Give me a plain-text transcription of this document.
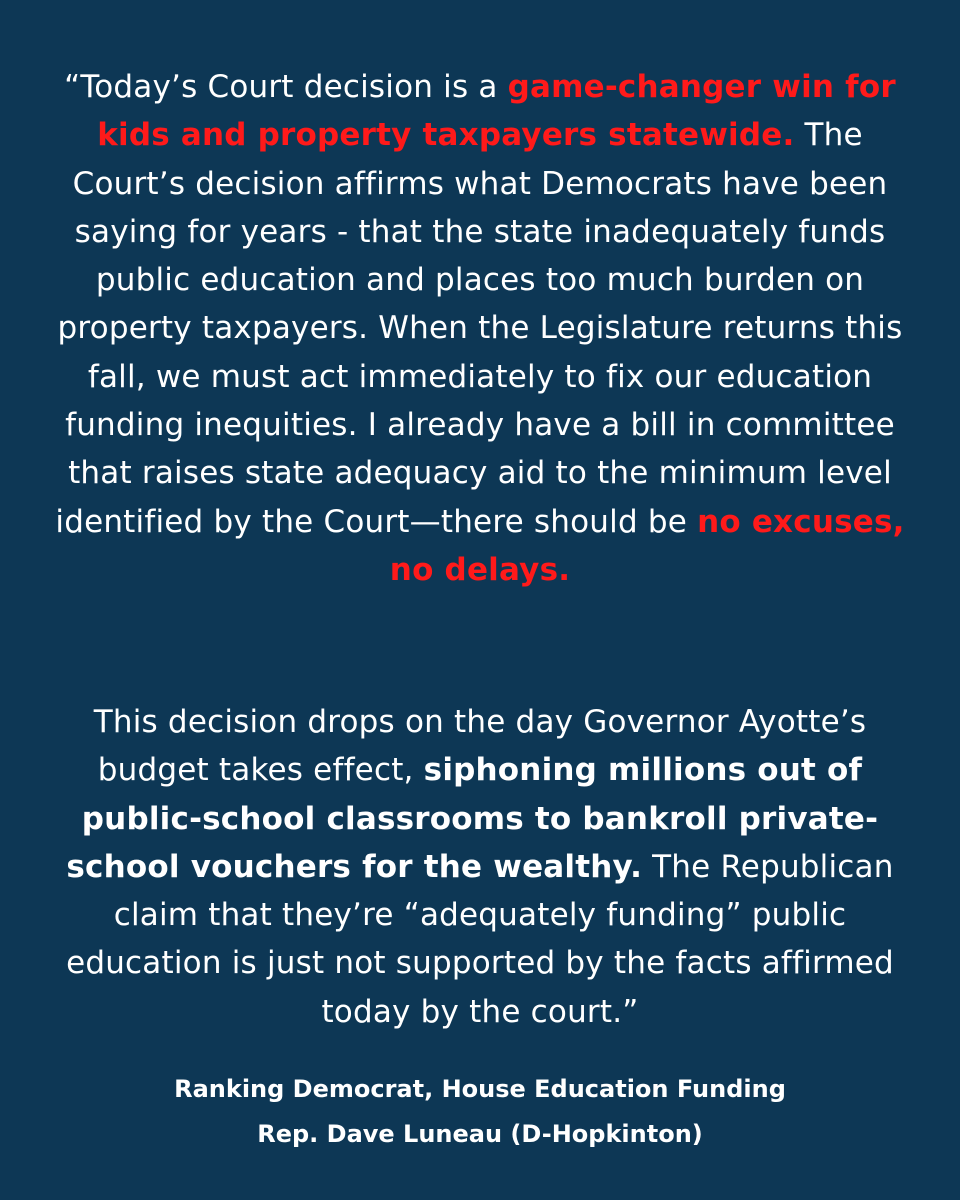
“Today’s Court decision is a game-changer win for kids and property taxpayers statewide. The Court’s decision affirms what Democrats have been saying for years - that the state inadequately funds public education and places too much burden on property taxpayers. When the Legislature returns this fall, we must act immediately to fix our education funding inequities. I already have a bill in committee that raises state adequacy aid to the minimum level identified by the Court—there should be no excuses, no delays.
This decision drops on the day Governor Ayotte’s budget takes effect, siphoning millions out of public-school classrooms to bankroll private-school vouchers for the wealthy. The Republican claim that they’re “adequately funding” public education is just not supported by the facts affirmed today by the court.”
Ranking Democrat, House Education Funding
Rep. Dave Luneau (D-Hopkinton)
